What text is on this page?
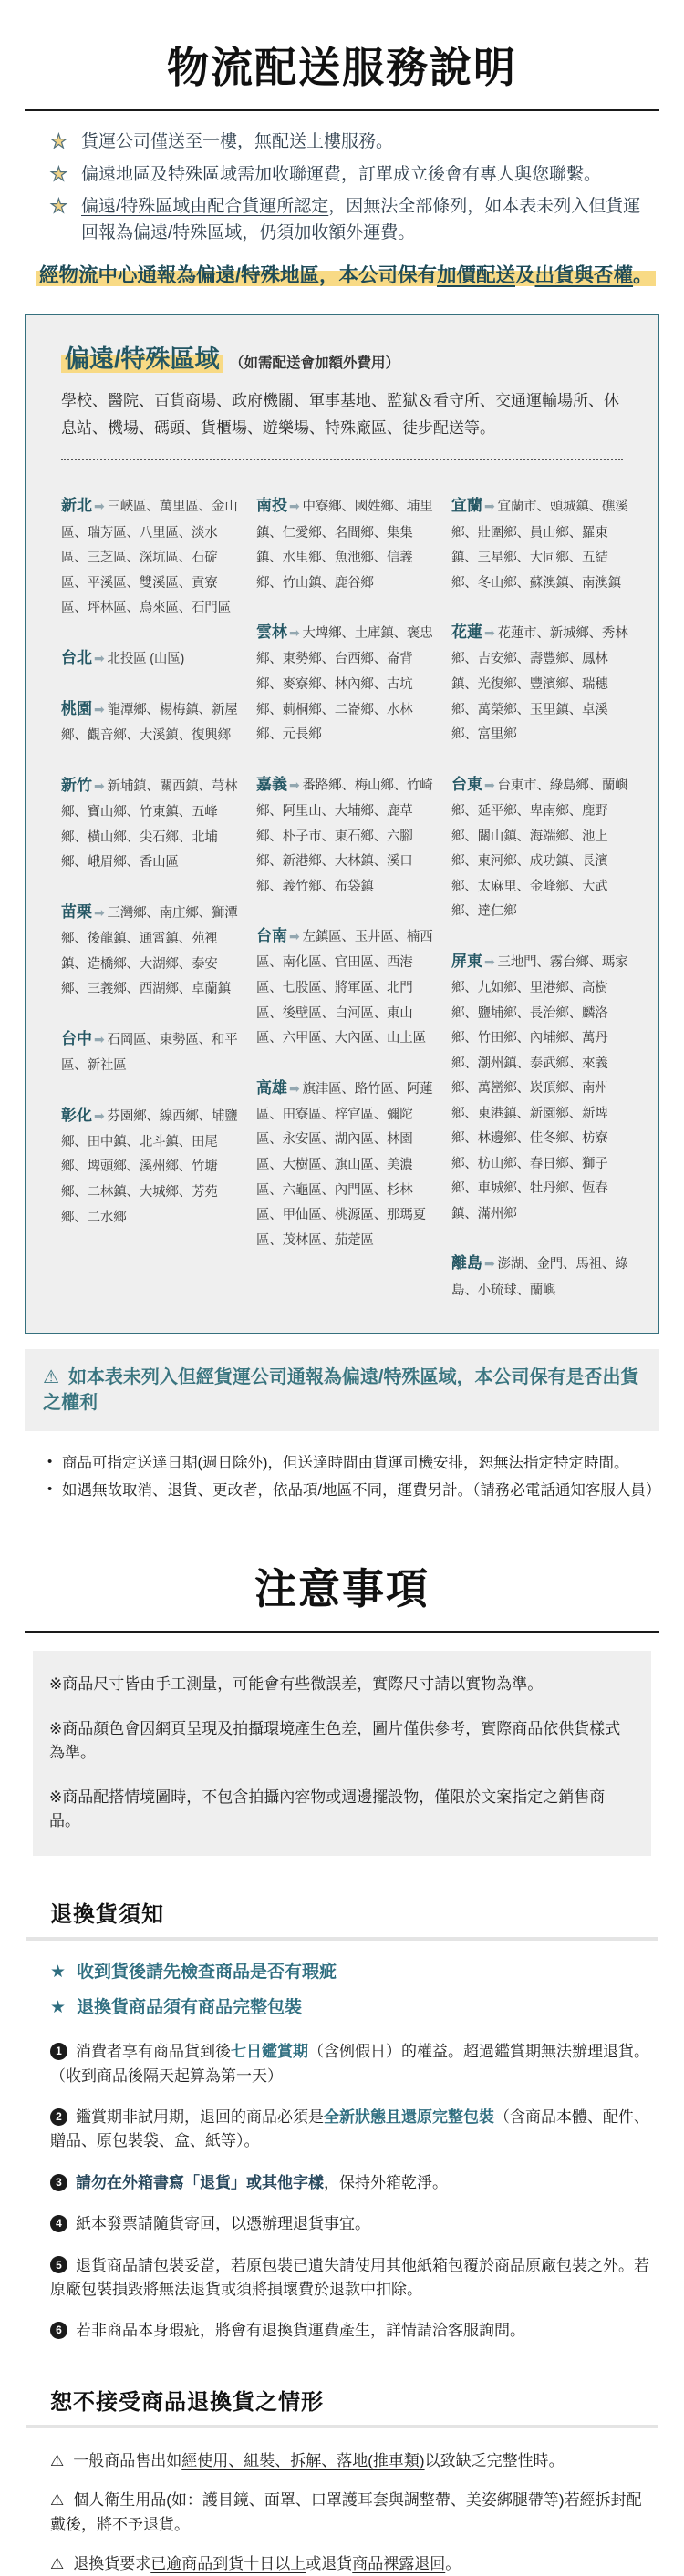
物流配送服務說明
★ 貨運公司僅送至一樓，無配送上樓服務。
★ 偏遠地區及特殊區域需加收聯運費，訂單成立後會有專人與您聯繫。
★ 偏遠/特殊區域由配合貨運所認定，因無法全部條列，如本表未列入但貨運回報為偏遠/特殊區域，仍須加收額外運費。

經物流中心通報為偏遠/特殊地區，本公司保有加價配送及出貨與否權。

偏遠/特殊區域 （如需配送會加額外費用）

學校、醫院、百貨商場、政府機關、軍事基地、監獄＆看守所、交通運輸場所、休息站、機場、碼頭、貨櫃場、遊樂場、特殊廠區、徒步配送等。

新北 ➡ 三峽區、萬里區、金山區、瑞芳區、八里區、淡水區、三芝區、深坑區、石碇區、平溪區、雙溪區、貢寮區、坪林區、烏來區、石門區

台北 ➡ 北投區 (山區)

桃園 ➡ 龍潭鄉、楊梅鎮、新屋鄉、觀音鄉、大溪鎮、復興鄉

新竹 ➡ 新埔鎮、關西鎮、芎林鄉、寶山鄉、竹東鎮、五峰鄉、橫山鄉、尖石鄉、北埔鄉、峨眉鄉、香山區

苗栗 ➡ 三灣鄉、南庄鄉、獅潭鄉、後龍鎮、通霄鎮、苑裡鎮、造橋鄉、大湖鄉、泰安鄉、三義鄉、西湖鄉、卓蘭鎮

台中 ➡ 石岡區、東勢區、和平區、新社區

彰化 ➡ 芬園鄉、線西鄉、埔鹽鄉、田中鎮、北斗鎮、田尾鄉、埤頭鄉、溪州鄉、竹塘鄉、二林鎮、大城鄉、芳苑鄉、二水鄉

南投 ➡ 中寮鄉、國姓鄉、埔里鎮、仁愛鄉、名間鄉、集集鎮、水里鄉、魚池鄉、信義鄉、竹山鎮、鹿谷鄉

雲林 ➡ 大埤鄉、土庫鎮、褒忠鄉、東勢鄉、台西鄉、崙背鄉、麥寮鄉、林內鄉、古坑鄉、莿桐鄉、二崙鄉、水林鄉、元長鄉

嘉義 ➡ 番路鄉、梅山鄉、竹崎鄉、阿里山、大埔鄉、鹿草鄉、朴子市、東石鄉、六腳鄉、新港鄉、大林鎮、溪口鄉、義竹鄉、布袋鎮

台南 ➡ 左鎮區、玉井區、楠西區、南化區、官田區、西港區、七股區、將軍區、北門區、後壁區、白河區、東山區、六甲區、大內區、山上區

高雄 ➡ 旗津區、路竹區、阿蓮區、田寮區、梓官區、彌陀區、永安區、湖內區、林園區、大樹區、旗山區、美濃區、六龜區、內門區、杉林區、甲仙區、桃源區、那瑪夏區、茂林區、茄萣區

宜蘭 ➡ 宜蘭市、頭城鎮、礁溪鄉、壯圍鄉、員山鄉、羅東鎮、三星鄉、大同鄉、五結鄉、冬山鄉、蘇澳鎮、南澳鎮

花蓮 ➡ 花蓮市、新城鄉、秀林鄉、吉安鄉、壽豐鄉、鳳林鎮、光復鄉、豐濱鄉、瑞穗鄉、萬榮鄉、玉里鎮、卓溪鄉、富里鄉

台東 ➡ 台東市、綠島鄉、蘭嶼鄉、延平鄉、卑南鄉、鹿野鄉、關山鎮、海端鄉、池上鄉、東河鄉、成功鎮、長濱鄉、太麻里、金峰鄉、大武鄉、達仁鄉

屏東 ➡ 三地門、霧台鄉、瑪家鄉、九如鄉、里港鄉、高樹鄉、鹽埔鄉、長治鄉、麟洛鄉、竹田鄉、內埔鄉、萬丹鄉、潮州鎮、泰武鄉、來義鄉、萬巒鄉、崁頂鄉、南州鄉、東港鎮、新園鄉、新埤鄉、林邊鄉、佳冬鄉、枋寮鄉、枋山鄉、春日鄉、獅子鄉、車城鄉、牡丹鄉、恆春鎮、滿州鄉

離島 ➡ 澎湖、金門、馬祖、綠島、小琉球、蘭嶼

⚠ 如本表未列入但經貨運公司通報為偏遠/特殊區域，本公司保有是否出貨之權利
• 商品可指定送達日期(週日除外)，但送達時間由貨運司機安排，恕無法指定特定時間。
• 如遇無故取消、退貨、更改者，依品項/地區不同，運費另計。（請務必電話通知客服人員）
注意事項

※商品尺寸皆由手工測量，可能會有些微誤差，實際尺寸請以實物為準。

※商品顏色會因網頁呈現及拍攝環境產生色差，圖片僅供參考，實際商品依供貨樣式為準。

※商品配搭情境圖時，不包含拍攝內容物或週邊擺設物，僅限於文案指定之銷售商品。

退換貨須知

★ 收到貨後請先檢查商品是否有瑕疵

★ 退換貨商品須有商品完整包裝

1 消費者享有商品貨到後七日鑑賞期（含例假日）的權益。超過鑑賞期無法辦理退貨。（收到商品後隔天起算為第一天）

2 鑑賞期非試用期，退回的商品必須是全新狀態且還原完整包裝（含商品本體、配件、贈品、原包裝袋、盒、紙等）。

3 請勿在外箱書寫「退貨」或其他字樣，保持外箱乾淨。

4 紙本發票請隨貨寄回，以憑辦理退貨事宜。

5 退貨商品請包裝妥當，若原包裝已遺失請使用其他紙箱包覆於商品原廠包裝之外。若原廠包裝損毀將無法退貨或須將損壞費於退款中扣除。

6 若非商品本身瑕疵，將會有退換貨運費產生，詳情請洽客服詢問。

恕不接受商品退換貨之情形

⚠ 一般商品售出如經使用、組裝、拆解、落地(推車類)以致缺乏完整性時。

⚠ 個人衛生用品(如：護目鏡、面罩、口罩護耳套與調整帶、美姿綁腿帶等)若經拆封配戴後，將不予退貨。

⚠ 退換貨要求已逾商品到貨十日以上或退貨商品裸露退回。
